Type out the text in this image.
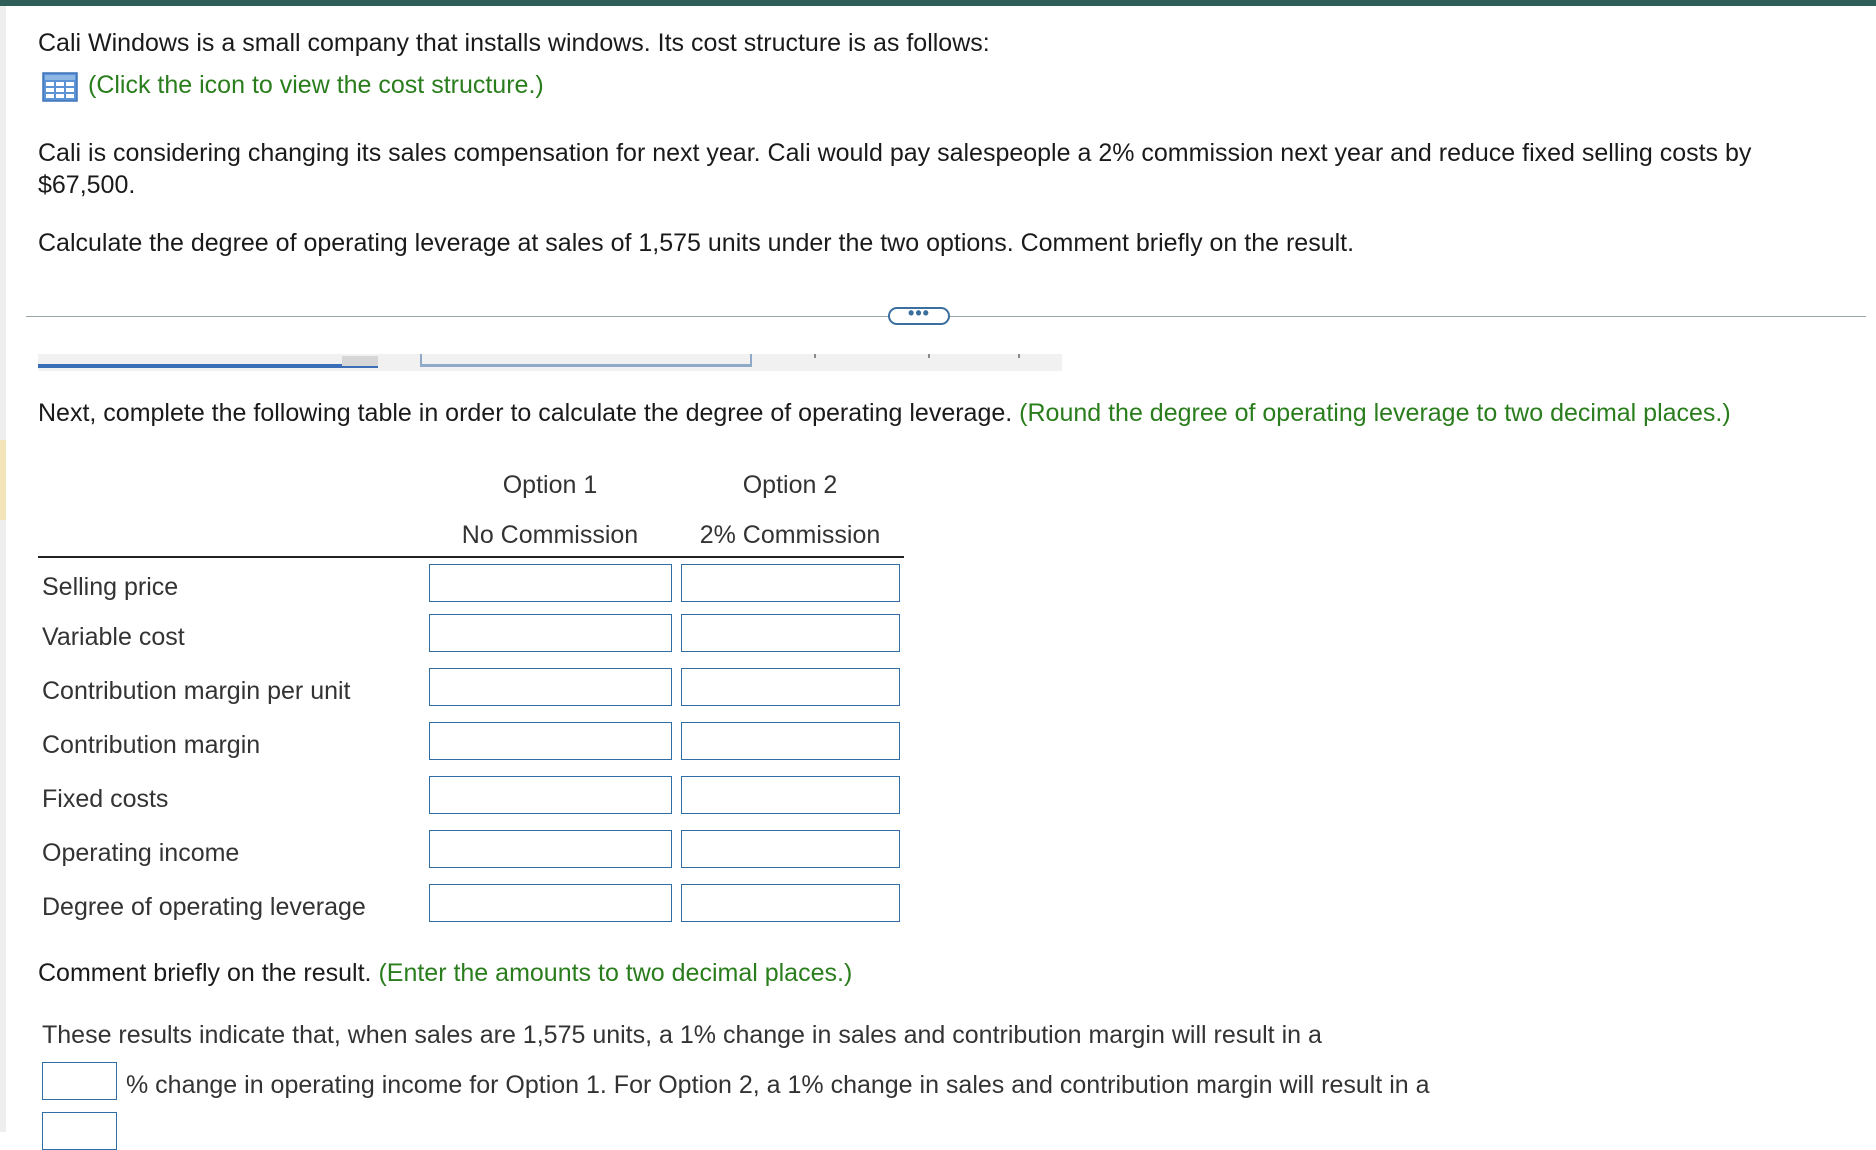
Cali Windows is a small company that installs windows. Its cost structure is as follows:
(Click the icon to view the cost structure.)
Cali is considering changing its sales compensation for next year. Cali would pay salespeople a 2% commission next year and reduce fixed selling costs by
$67,500.
Calculate the degree of operating leverage at sales of 1,575 units under the two options. Comment briefly on the result.
•••
Next, complete the following table in order to calculate the degree of operating leverage. (Round the degree of operating leverage to two decimal places.)
Option 1	Option 2
No Commission	2% Commission
Selling price
Variable cost
Contribution margin per unit
Contribution margin
Fixed costs
Operating income
Degree of operating leverage
Comment briefly on the result. (Enter the amounts to two decimal places.)
These results indicate that, when sales are 1,575 units, a 1% change in sales and contribution margin will result in a
% change in operating income for Option 1. For Option 2, a 1% change in sales and contribution margin will result in a
